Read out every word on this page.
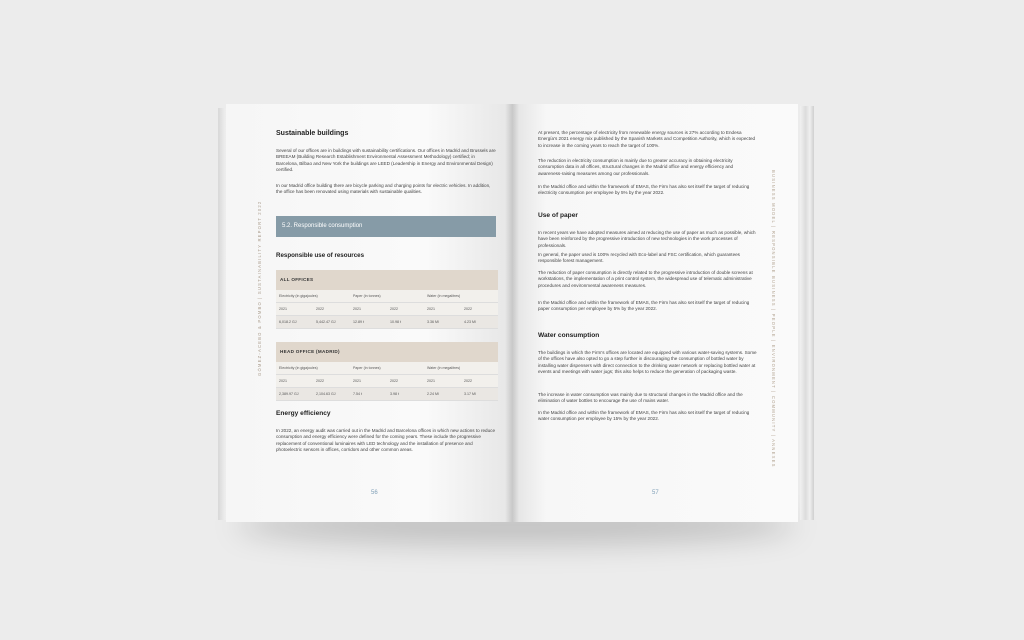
GÓMEZ-ACEBO & POMBO | SUSTAINABILITY REPORT 2022
Sustainable buildings
Several of our offices are in buildings with sustainability certifications. Our offices in Madrid and Brussels are BREEAM (Building Research Establishment Environmental Assessment Methodology) certified; in Barcelona, Bilbao and New York the buildings are LEED (Leadership in Energy and Environmental Design) certified.
In our Madrid office building there are bicycle parking and charging points for electric vehicles. In addition, the office has been renovated using materials with sustainable qualities.
5.2. Responsible consumption
Responsible use of resources
ALL OFFICES
Electricity (in gigajoules)	Paper (in tonnes)	Water (in megalitres)
2021	2022	2021	2022	2021	2022
6,018.2 GJ	5,442.47 GJ	12.89 t	10.98 t	3.36 Ml	4.23 Ml
HEAD OFFICE (MADRID)
Electricity (in gigajoules)	Paper (in tonnes)	Water (in megalitres)
2021	2022	2021	2022	2021	2022
2,389.97 GJ	2,104.63 GJ	7.54 t	3.98 t	2.24 Ml	3.17 Ml
Energy efficiency
In 2022, an energy audit was carried out in the Madrid and Barcelona offices in which new actions to reduce consumption and energy efficiency were defined for the coming years. These include the progressive replacement of conventional luminaires with LED technology and the installation of presence and photoelectric sensors in offices, corridors and other common areas.
56
BUSINESS MODEL | RESPONSIBLE BUSINESS | PEOPLE | ENVIRONMENT | COMMUNITY | ANNEXES
At present, the percentage of electricity from renewable energy sources is 27% according to Endesa Energía's 2021 energy mix published by the Spanish Markets and Competition Authority, which is expected to increase in the coming years to reach the target of 100%.
The reduction in electricity consumption is mainly due to greater accuracy in obtaining electricity consumption data in all offices, structural changes in the Madrid office and energy efficiency and awareness-raising measures among our professionals.
In the Madrid office and within the framework of EMAS, the Firm has also set itself the target of reducing electricity consumption per employee by 5% by the year 2022.
Use of paper
In recent years we have adopted measures aimed at reducing the use of paper as much as possible, which have been reinforced by the progressive introduction of new technologies in the work processes of professionals.
In general, the paper used is 100% recycled with Eco-label and FSC certification, which guarantees responsible forest management.
The reduction of paper consumption is directly related to the progressive introduction of double screens at workstations, the implementation of a print control system, the widespread use of telematic administrative procedures and environmental awareness measures.
In the Madrid office and within the framework of EMAS, the Firm has also set itself the target of reducing paper consumption per employee by 5% by the year 2022.
Water consumption
The buildings in which the Firm's offices are located are equipped with various water-saving systems. Some of the offices have also opted to go a step further in discouraging the consumption of bottled water by installing water dispensers with direct connection to the drinking water network or replacing bottled water at events and meetings with water jugs; this also helps to reduce the generation of packaging waste.
The increase in water consumption was mainly due to structural changes in the Madrid office and the elimination of water bottles to encourage the use of mains water.
In the Madrid office and within the framework of EMAS, the Firm has also set itself the target of reducing water consumption per employee by 15% by the year 2022.
57
